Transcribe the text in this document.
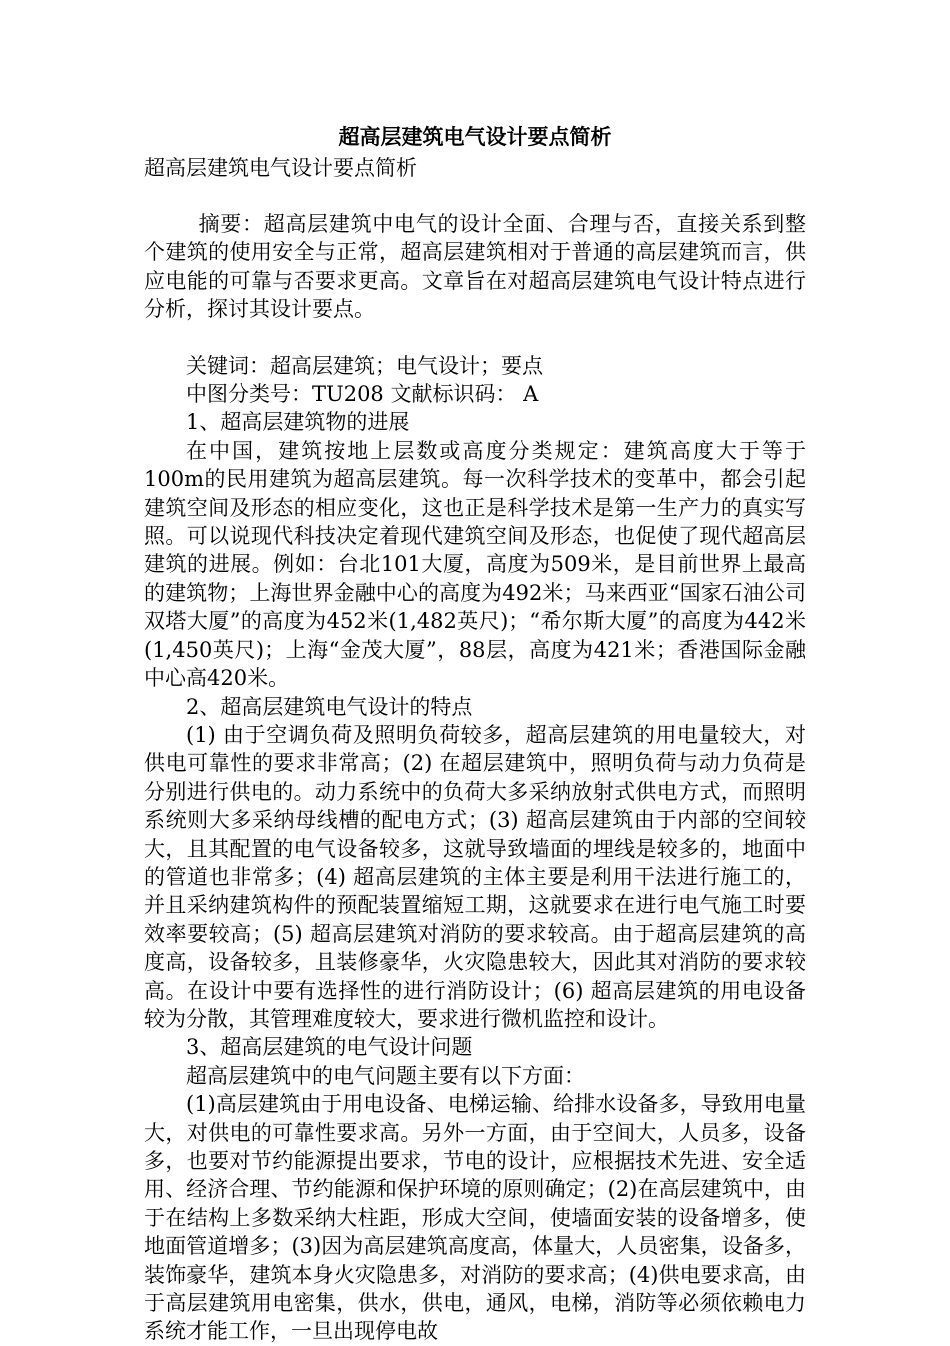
超高层建筑电气设计要点简析

超高层建筑电气设计要点简析

摘要：超高层建筑中电气的设计全面、合理与否，直接关系到整个建筑的使用安全与正常，超高层建筑相对于普通的高层建筑而言，供应电能的可靠与否要求更高。文章旨在对超高层建筑电气设计特点进行分析，探讨其设计要点。

关键词：超高层建筑；电气设计；要点

中图分类号：TU208 文献标识码： A

1、超高层建筑物的进展

在中国，建筑按地上层数或高度分类规定：建筑高度大于等于100m的民用建筑为超高层建筑。每一次科学技术的变革中，都会引起建筑空间及形态的相应变化，这也正是科学技术是第一生产力的真实写照。可以说现代科技决定着现代建筑空间及形态，也促使了现代超高层建筑的进展。例如：台北101大厦，高度为509米，是目前世界上最高的建筑物；上海世界金融中心的高度为492米；马来西亚“国家石油公司双塔大厦”的高度为452米(1,482英尺)；“希尔斯大厦”的高度为442米(1,450英尺)；上海“金茂大厦”，88层，高度为421米；香港国际金融中心高420米。

2、超高层建筑电气设计的特点

(1) 由于空调负荷及照明负荷较多，超高层建筑的用电量较大，对供电可靠性的要求非常高；(2) 在超层建筑中，照明负荷与动力负荷是分别进行供电的。动力系统中的负荷大多采纳放射式供电方式，而照明系统则大多采纳母线槽的配电方式；(3) 超高层建筑由于内部的空间较大，且其配置的电气设备较多，这就导致墙面的埋线是较多的，地面中的管道也非常多；(4) 超高层建筑的主体主要是利用干法进行施工的，并且采纳建筑构件的预配装置缩短工期，这就要求在进行电气施工时要效率要较高；(5) 超高层建筑对消防的要求较高。由于超高层建筑的高度高，设备较多，且装修豪华，火灾隐患较大，因此其对消防的要求较高。在设计中要有选择性的进行消防设计；(6) 超高层建筑的用电设备较为分散，其管理难度较大，要求进行微机监控和设计。

3、超高层建筑的电气设计问题

超高层建筑中的电气问题主要有以下方面：

(1)高层建筑由于用电设备、电梯运输、给排水设备多，导致用电量大，对供电的可靠性要求高。另外一方面，由于空间大，人员多，设备多，也要对节约能源提出要求，节电的设计，应根据技术先进、安全适用、经济合理、节约能源和保护环境的原则确定；(2)在高层建筑中，由于在结构上多数采纳大柱距，形成大空间，使墙面安装的设备增多，使地面管道增多；(3)因为高层建筑高度高，体量大，人员密集，设备多，装饰豪华，建筑本身火灾隐患多，对消防的要求高；(4)供电要求高，由于高层建筑用电密集，供水，供电，通风，电梯，消防等必须依赖电力系统才能工作，一旦出现停电故
